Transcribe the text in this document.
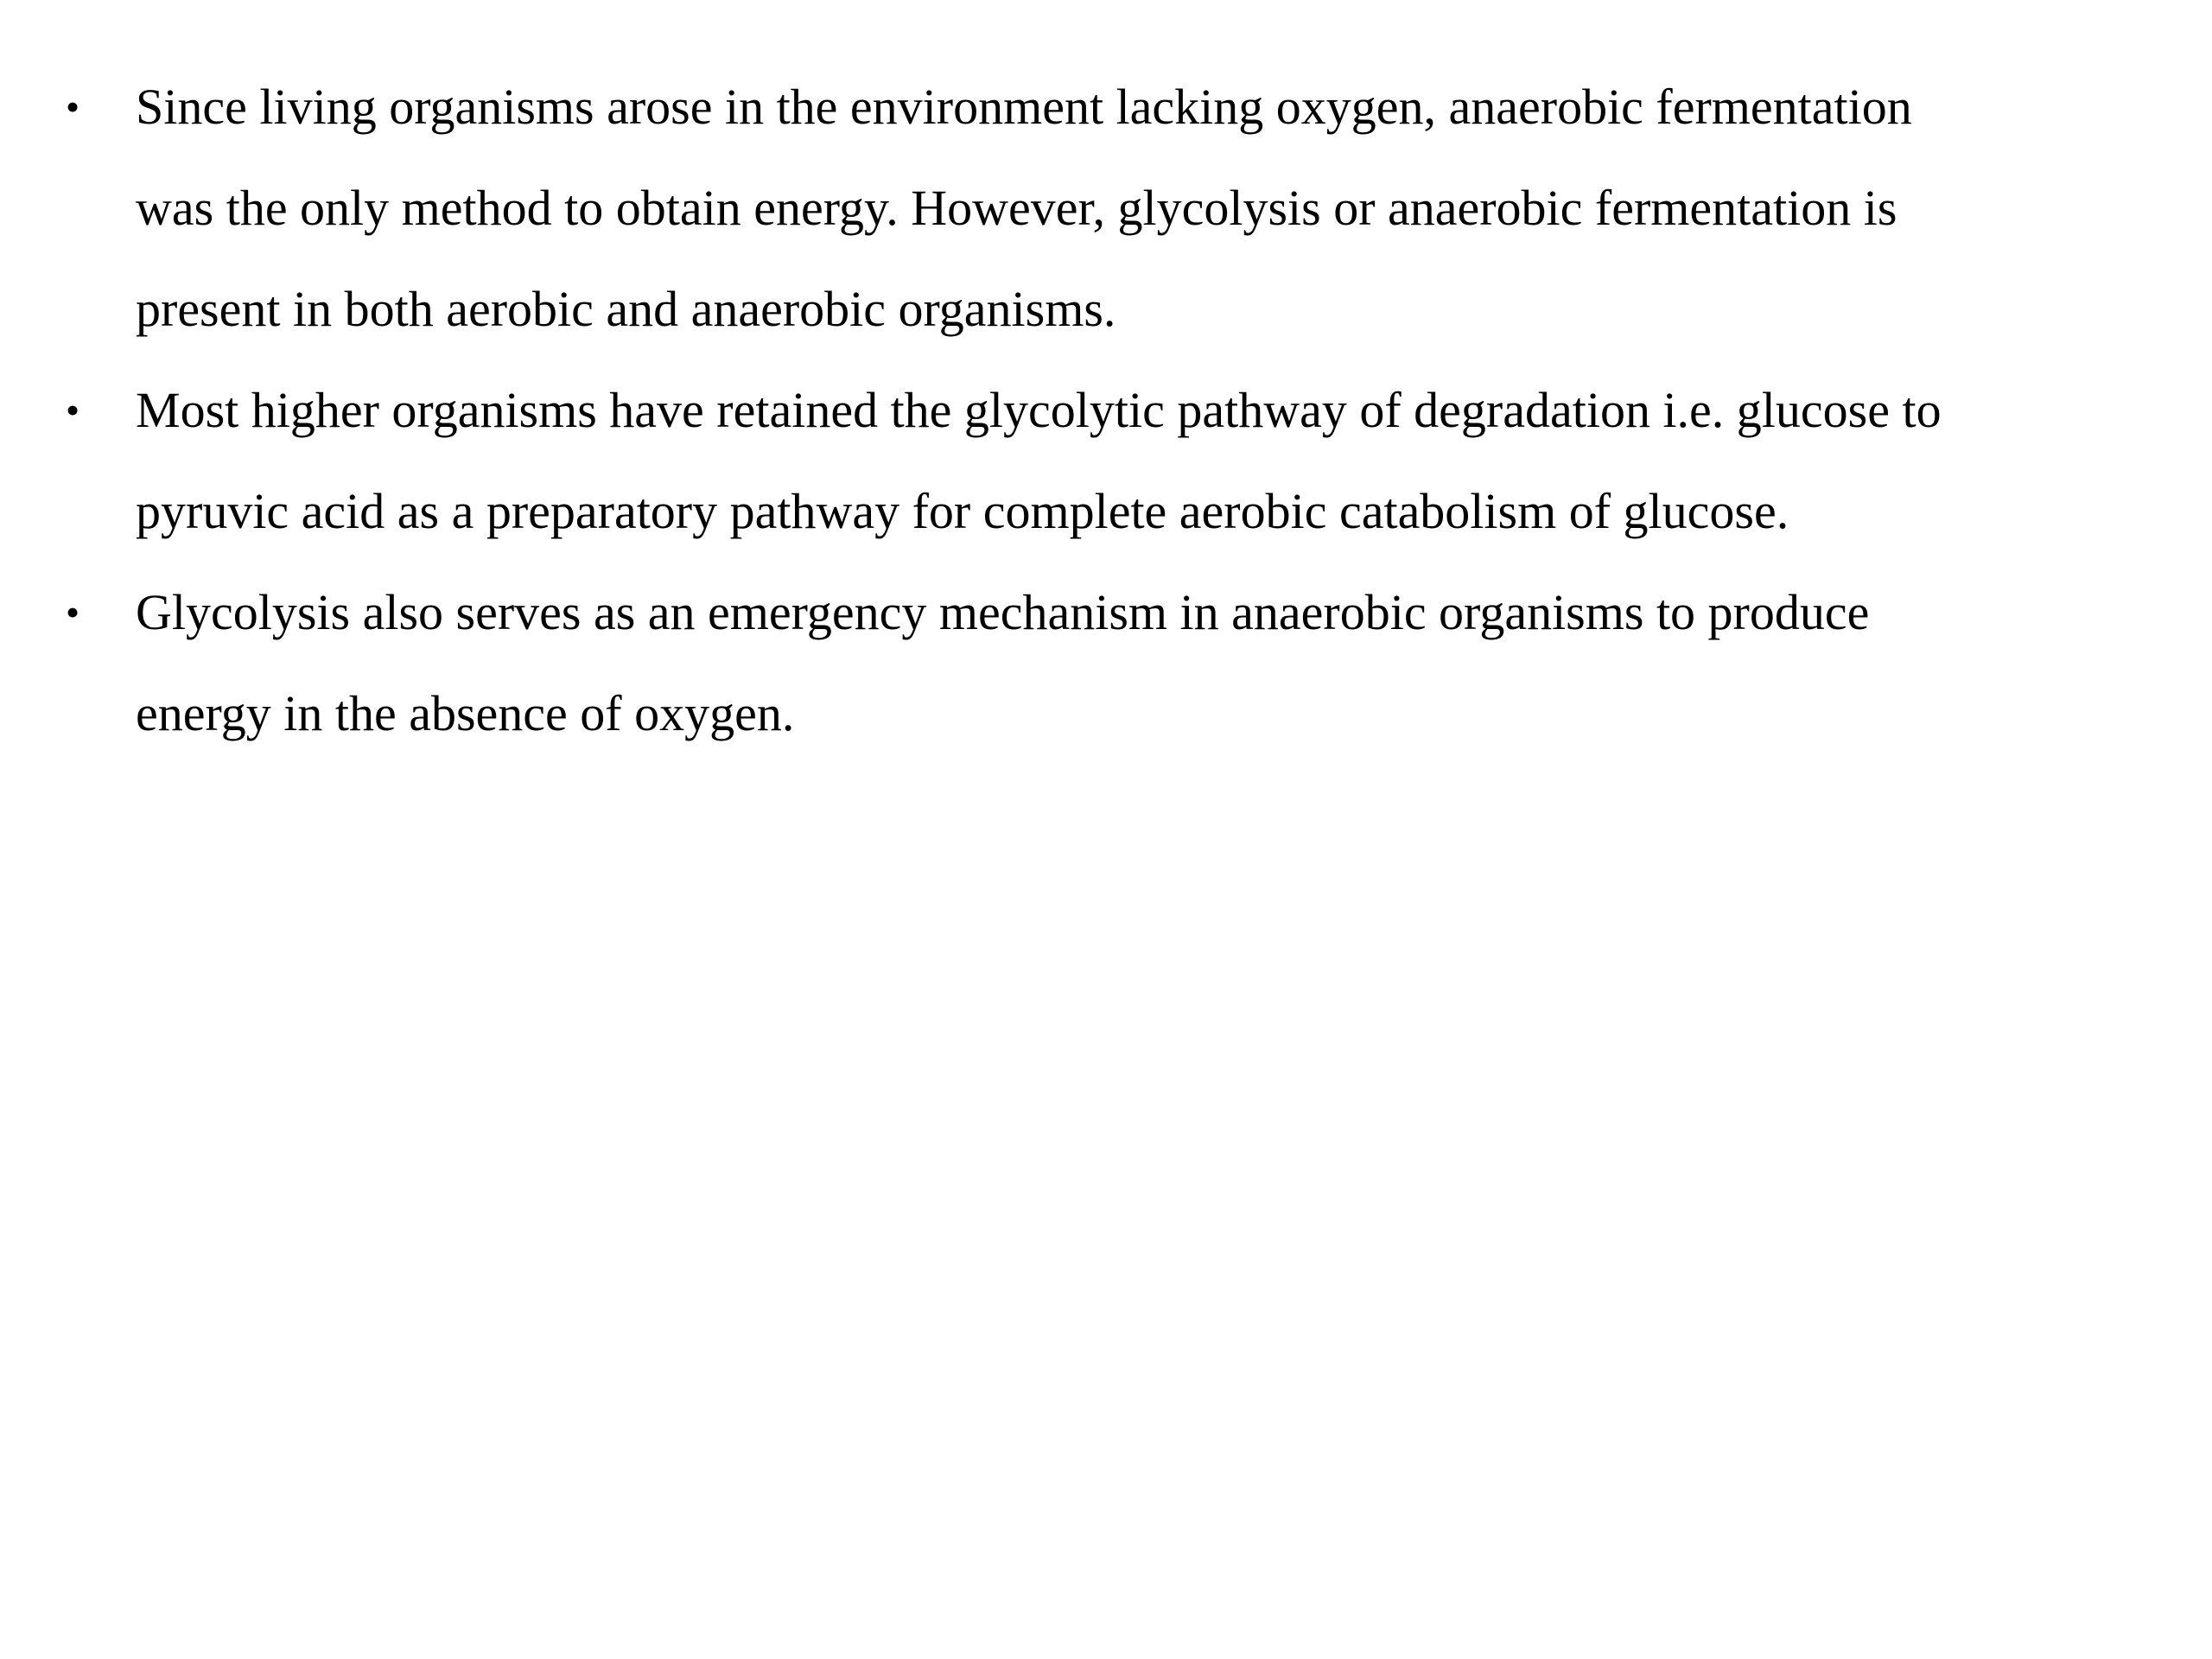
• Since living organisms arose in the environment lacking oxygen, anaerobic fermentation
was the only method to obtain energy. However, glycolysis or anaerobic fermentation is
present in both aerobic and anaerobic organisms.
• Most higher organisms have retained the glycolytic pathway of degradation i.e. glucose to
pyruvic acid as a preparatory pathway for complete aerobic catabolism of glucose.
• Glycolysis also serves as an emergency mechanism in anaerobic organisms to produce
energy in the absence of oxygen.
